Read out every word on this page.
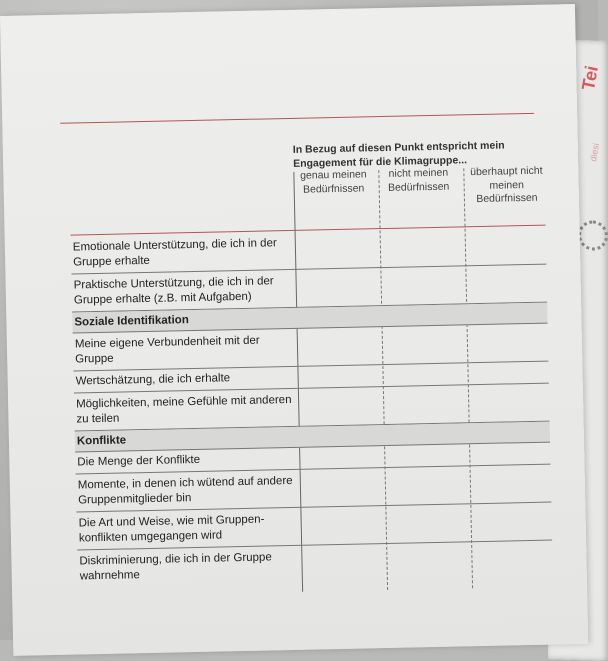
Tei
diesi
In Bezug auf diesen Punkt entspricht mein Engagement für die Klimagruppe...
genau meinen Bedürfnissen
nicht meinen Bedürfnissen
überhaupt nicht meinen Bedürfnissen
Emotionale Unterstützung, die ich in der Gruppe erhalte
Praktische Unterstützung, die ich in der Gruppe erhalte (z.B. mit Aufgaben)
Soziale Identifikation
Meine eigene Verbundenheit mit der Gruppe
Wertschätzung, die ich erhalte
Möglichkeiten, meine Gefühle mit anderen zu teilen
Konflikte
Die Menge der Konflikte
Momente, in denen ich wütend auf andere Gruppenmitglieder bin
Die Art und Weise, wie mit Gruppen-konflikten umgegangen wird
Diskriminierung, die ich in der Gruppe wahrnehme
